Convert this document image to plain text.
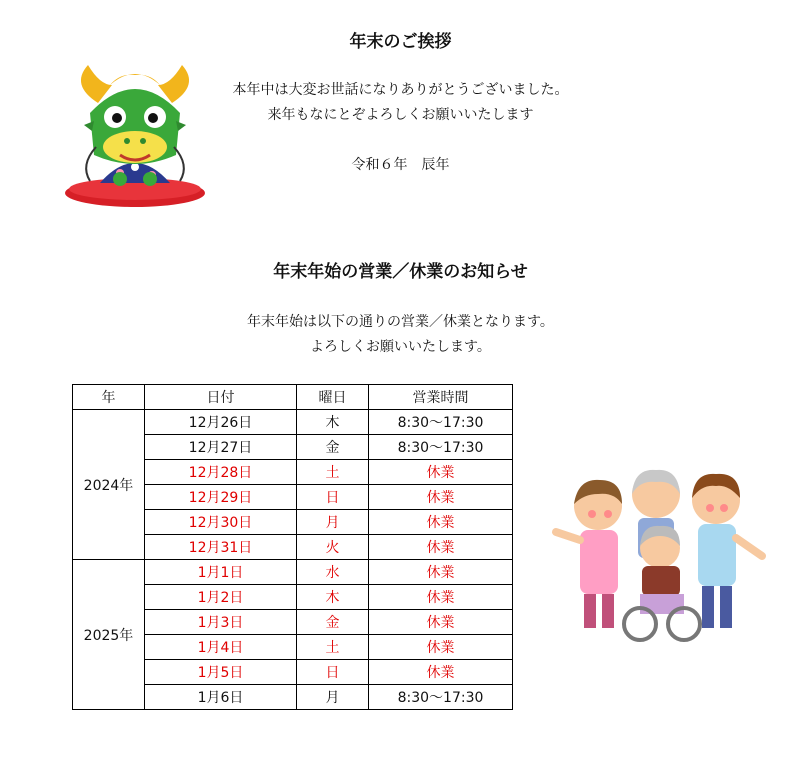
年末のご挨拶
本年中は大変お世話になりありがとうございました。
来年もなにとぞよろしくお願いいたします
令和６年　辰年
年末年始の営業／休業のお知らせ
年末年始は以下の通りの営業／休業となります。
よろしくお願いいたします。
年	日付	曜日	営業時間
2024年	12月26日	木	8:30～17:30
	12月27日	金	8:30～17:30
	12月28日	土	休業
	12月29日	日	休業
	12月30日	月	休業
	12月31日	火	休業
2025年	1月1日	水	休業
	1月2日	木	休業
	1月3日	金	休業
	1月4日	土	休業
	1月5日	日	休業
	1月6日	月	8:30～17:30
